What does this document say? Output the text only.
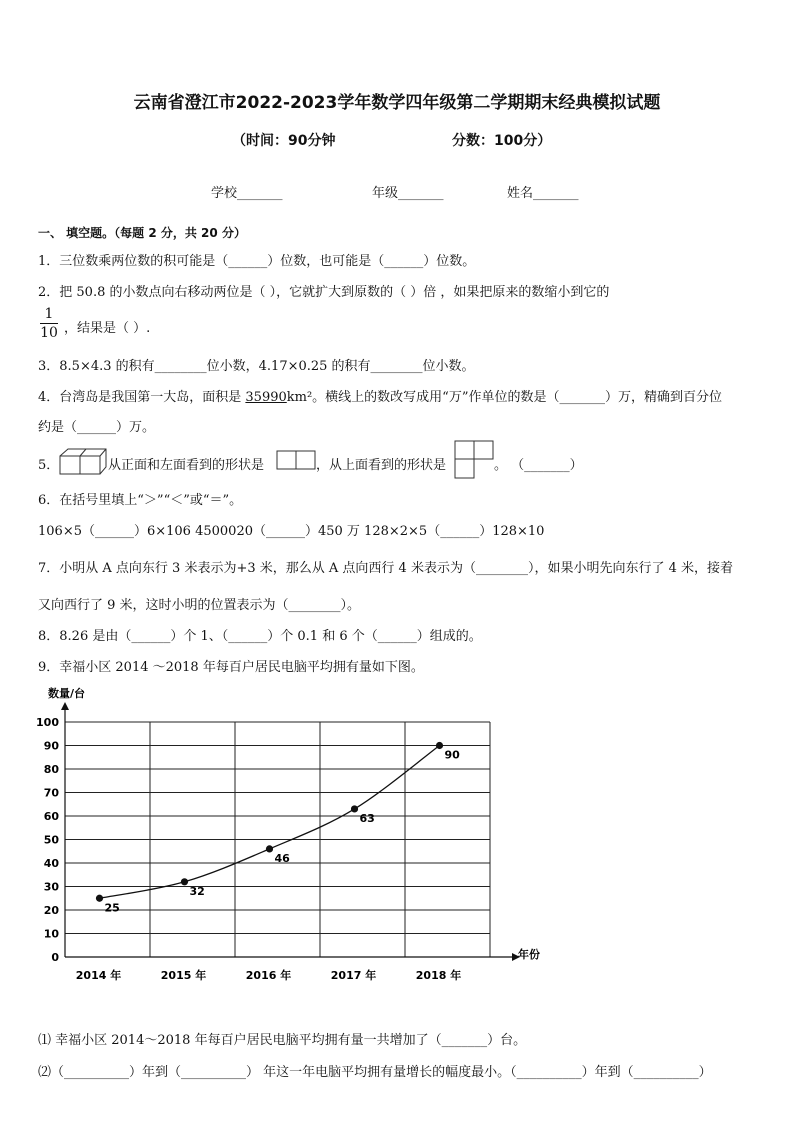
云南省澄江市2022-2023学年数学四年级第二学期期末经典模拟试题
（时间：90分钟	分数：100分）
学校_______	年级_______	姓名_______
一、 填空题。（每题 2 分，共 20 分）
1．三位数乘两位数的积可能是（______）位数，也可能是（______）位数。
2．把 50.8 的小数点向右移动两位是（ ），它就扩大到原数的（ ）倍 ，如果把原来的数缩小到它的
1
10 ，结果是（ ）.
3．8.5×4.3 的积有________位小数，4.17×0.25 的积有________位小数。
4．台湾岛是我国第一大岛，面积是 35990km²。横线上的数改写成用“万”作单位的数是（_______）万，精确到百分位
约是（______）万。
5．	从正面和左面看到的形状是	，从上面看到的形状是	。 （_______）
6．在括号里填上“＞”“＜”或“＝”。
106×5（______）6×106 4500020（______）450 万 128×2×5（______）128×10
7．小明从 A 点向东行 3 米表示为+3 米，那么从 A 点向西行 4 米表示为（________），如果小明先向东行了 4 米，接着
又向西行了 9 米，这时小明的位置表示为（________）。
8．8.26 是由（______）个 1、（______）个 0.1 和 6 个（______）组成的。
9．幸福小区 2014 ～2018 年每百户居民电脑平均拥有量如下图。
0
10
20
30
40
50
60
70
80
90
100
2014 年	2015 年	2016 年	2017 年	2018 年
25
32
46
63
90
数量/台
年份
⑴ 幸福小区 2014～2018 年每百户居民电脑平均拥有量一共增加了（_______）台。
⑵（__________）年到（__________） 年这一年电脑平均拥有量增长的幅度最小。（__________）年到（__________）
